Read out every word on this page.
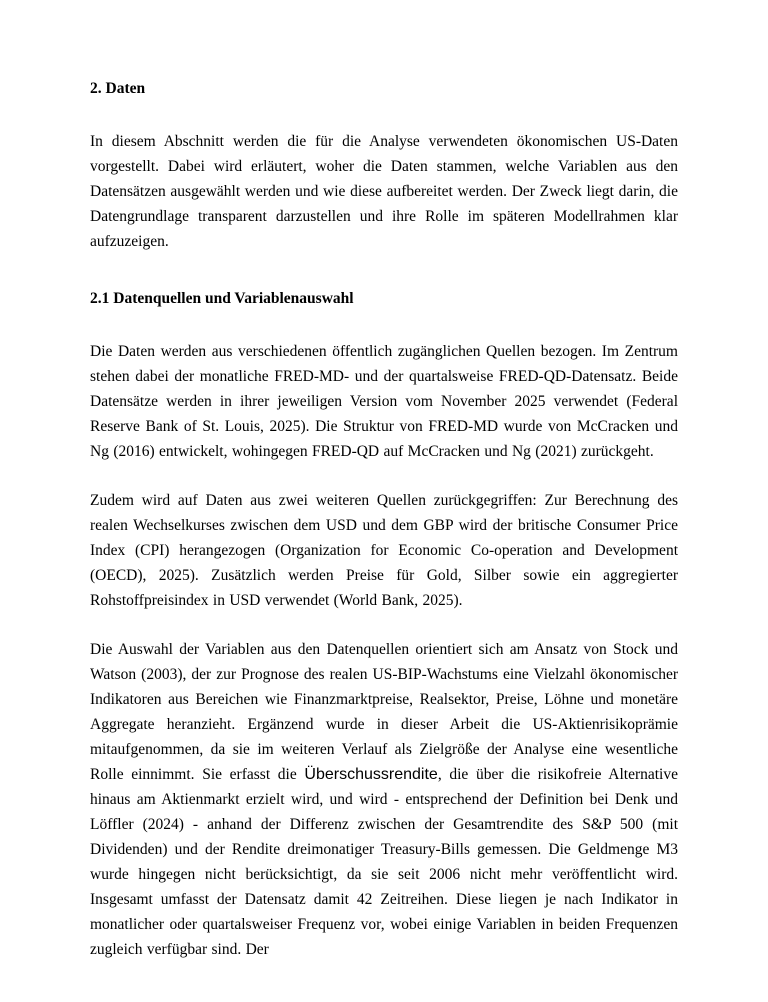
2. Daten

In diesem Abschnitt werden die für die Analyse verwendeten ökonomischen US-Daten vorgestellt. Dabei wird erläutert, woher die Daten stammen, welche Variablen aus den Datensätzen ausgewählt werden und wie diese aufbereitet werden. Der Zweck liegt darin, die Datengrundlage transparent darzustellen und ihre Rolle im späteren Modellrahmen klar aufzuzeigen.

2.1 Datenquellen und Variablenauswahl

Die Daten werden aus verschiedenen öffentlich zugänglichen Quellen bezogen. Im Zentrum stehen dabei der monatliche FRED-MD- und der quartalsweise FRED-QD-Datensatz. Beide Datensätze werden in ihrer jeweiligen Version vom November 2025 verwendet (Federal Reserve Bank of St. Louis, 2025). Die Struktur von FRED-MD wurde von McCracken und Ng (2016) entwickelt, wohingegen FRED-QD auf McCracken und Ng (2021) zurückgeht.

Zudem wird auf Daten aus zwei weiteren Quellen zurückgegriffen: Zur Berechnung des realen Wechselkurses zwischen dem USD und dem GBP wird der britische Consumer Price Index (CPI) herangezogen (Organization for Economic Co-operation and Development (OECD), 2025). Zusätzlich werden Preise für Gold, Silber sowie ein aggregierter Rohstoffpreisindex in USD verwendet (World Bank, 2025).

Die Auswahl der Variablen aus den Datenquellen orientiert sich am Ansatz von Stock und Watson (2003), der zur Prognose des realen US-BIP-Wachstums eine Vielzahl ökonomischer Indikatoren aus Bereichen wie Finanzmarktpreise, Realsektor, Preise, Löhne und monetäre Aggregate heranzieht. Ergänzend wurde in dieser Arbeit die US-Aktienrisikoprämie mitaufgenommen, da sie im weiteren Verlauf als Zielgröße der Analyse eine wesentliche Rolle einnimmt. Sie erfasst die Überschussrendite, die über die risikofreie Alternative hinaus am Aktienmarkt erzielt wird, und wird - entsprechend der Definition bei Denk und Löffler (2024) - anhand der Differenz zwischen der Gesamtrendite des S&P 500 (mit Dividenden) und der Rendite dreimonatiger Treasury-Bills gemessen. Die Geldmenge M3 wurde hingegen nicht berücksichtigt, da sie seit 2006 nicht mehr veröffentlicht wird. Insgesamt umfasst der Datensatz damit 42 Zeitreihen. Diese liegen je nach Indikator in monatlicher oder quartalsweiser Frequenz vor, wobei einige Variablen in beiden Frequenzen zugleich verfügbar sind. Der
